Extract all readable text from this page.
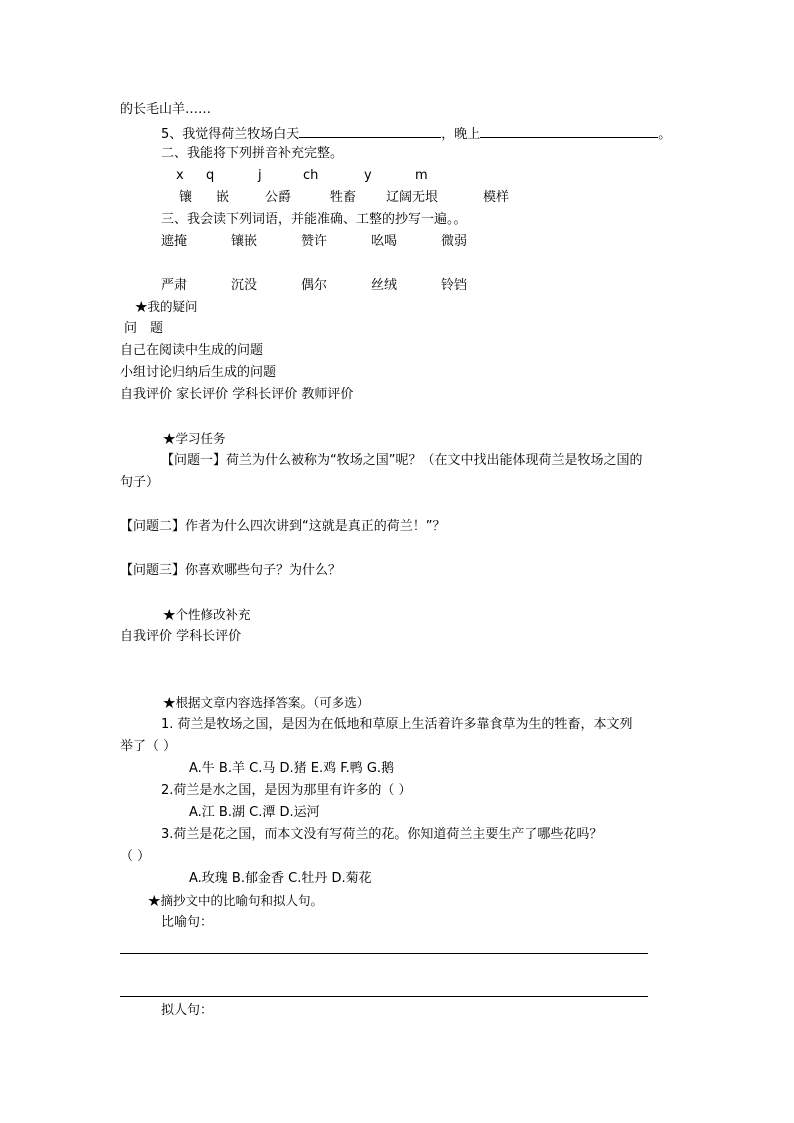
的长毛山羊……
5、我觉得荷兰牧场白天	，晚上	。
二、我能将下列拼音补充完整。
x q	j	ch	y	m
镶 嵌	公爵	牲畜 辽阔无垠	模样
三、我会读下列词语，并能准确、工整的抄写一遍。。
遮掩	镶嵌	赞许	吆喝	微弱
严肃	沉没	偶尔	丝绒	铃铛
★我的疑问
问　题
自己在阅读中生成的问题
小组讨论归纳后生成的问题
自我评价 家长评价 学科长评价 教师评价
★学习任务
【问题一】荷兰为什么被称为“牧场之国”呢？（在文中找出能体现荷兰是牧场之国的
句子）
【问题二】作者为什么四次讲到“这就是真正的荷兰！”？
【问题三】你喜欢哪些句子？为什么？
★个性修改补充
自我评价 学科长评价
★根据文章内容选择答案。（可多选）
1. 荷兰是牧场之国，是因为在低地和草原上生活着许多靠食草为生的牲畜，本文列
举了（ ）
A.牛 B.羊 C.马 D.猪 E.鸡 F.鸭 G.鹅
2.荷兰是水之国，是因为那里有许多的（ ）
A.江 B.湖 C.潭 D.运河
3.荷兰是花之国，而本文没有写荷兰的花。你知道荷兰主要生产了哪些花吗？
（ ）
A.玫瑰 B.郁金香 C.牡丹 D.菊花
★摘抄文中的比喻句和拟人句。
比喻句：
拟人句：
